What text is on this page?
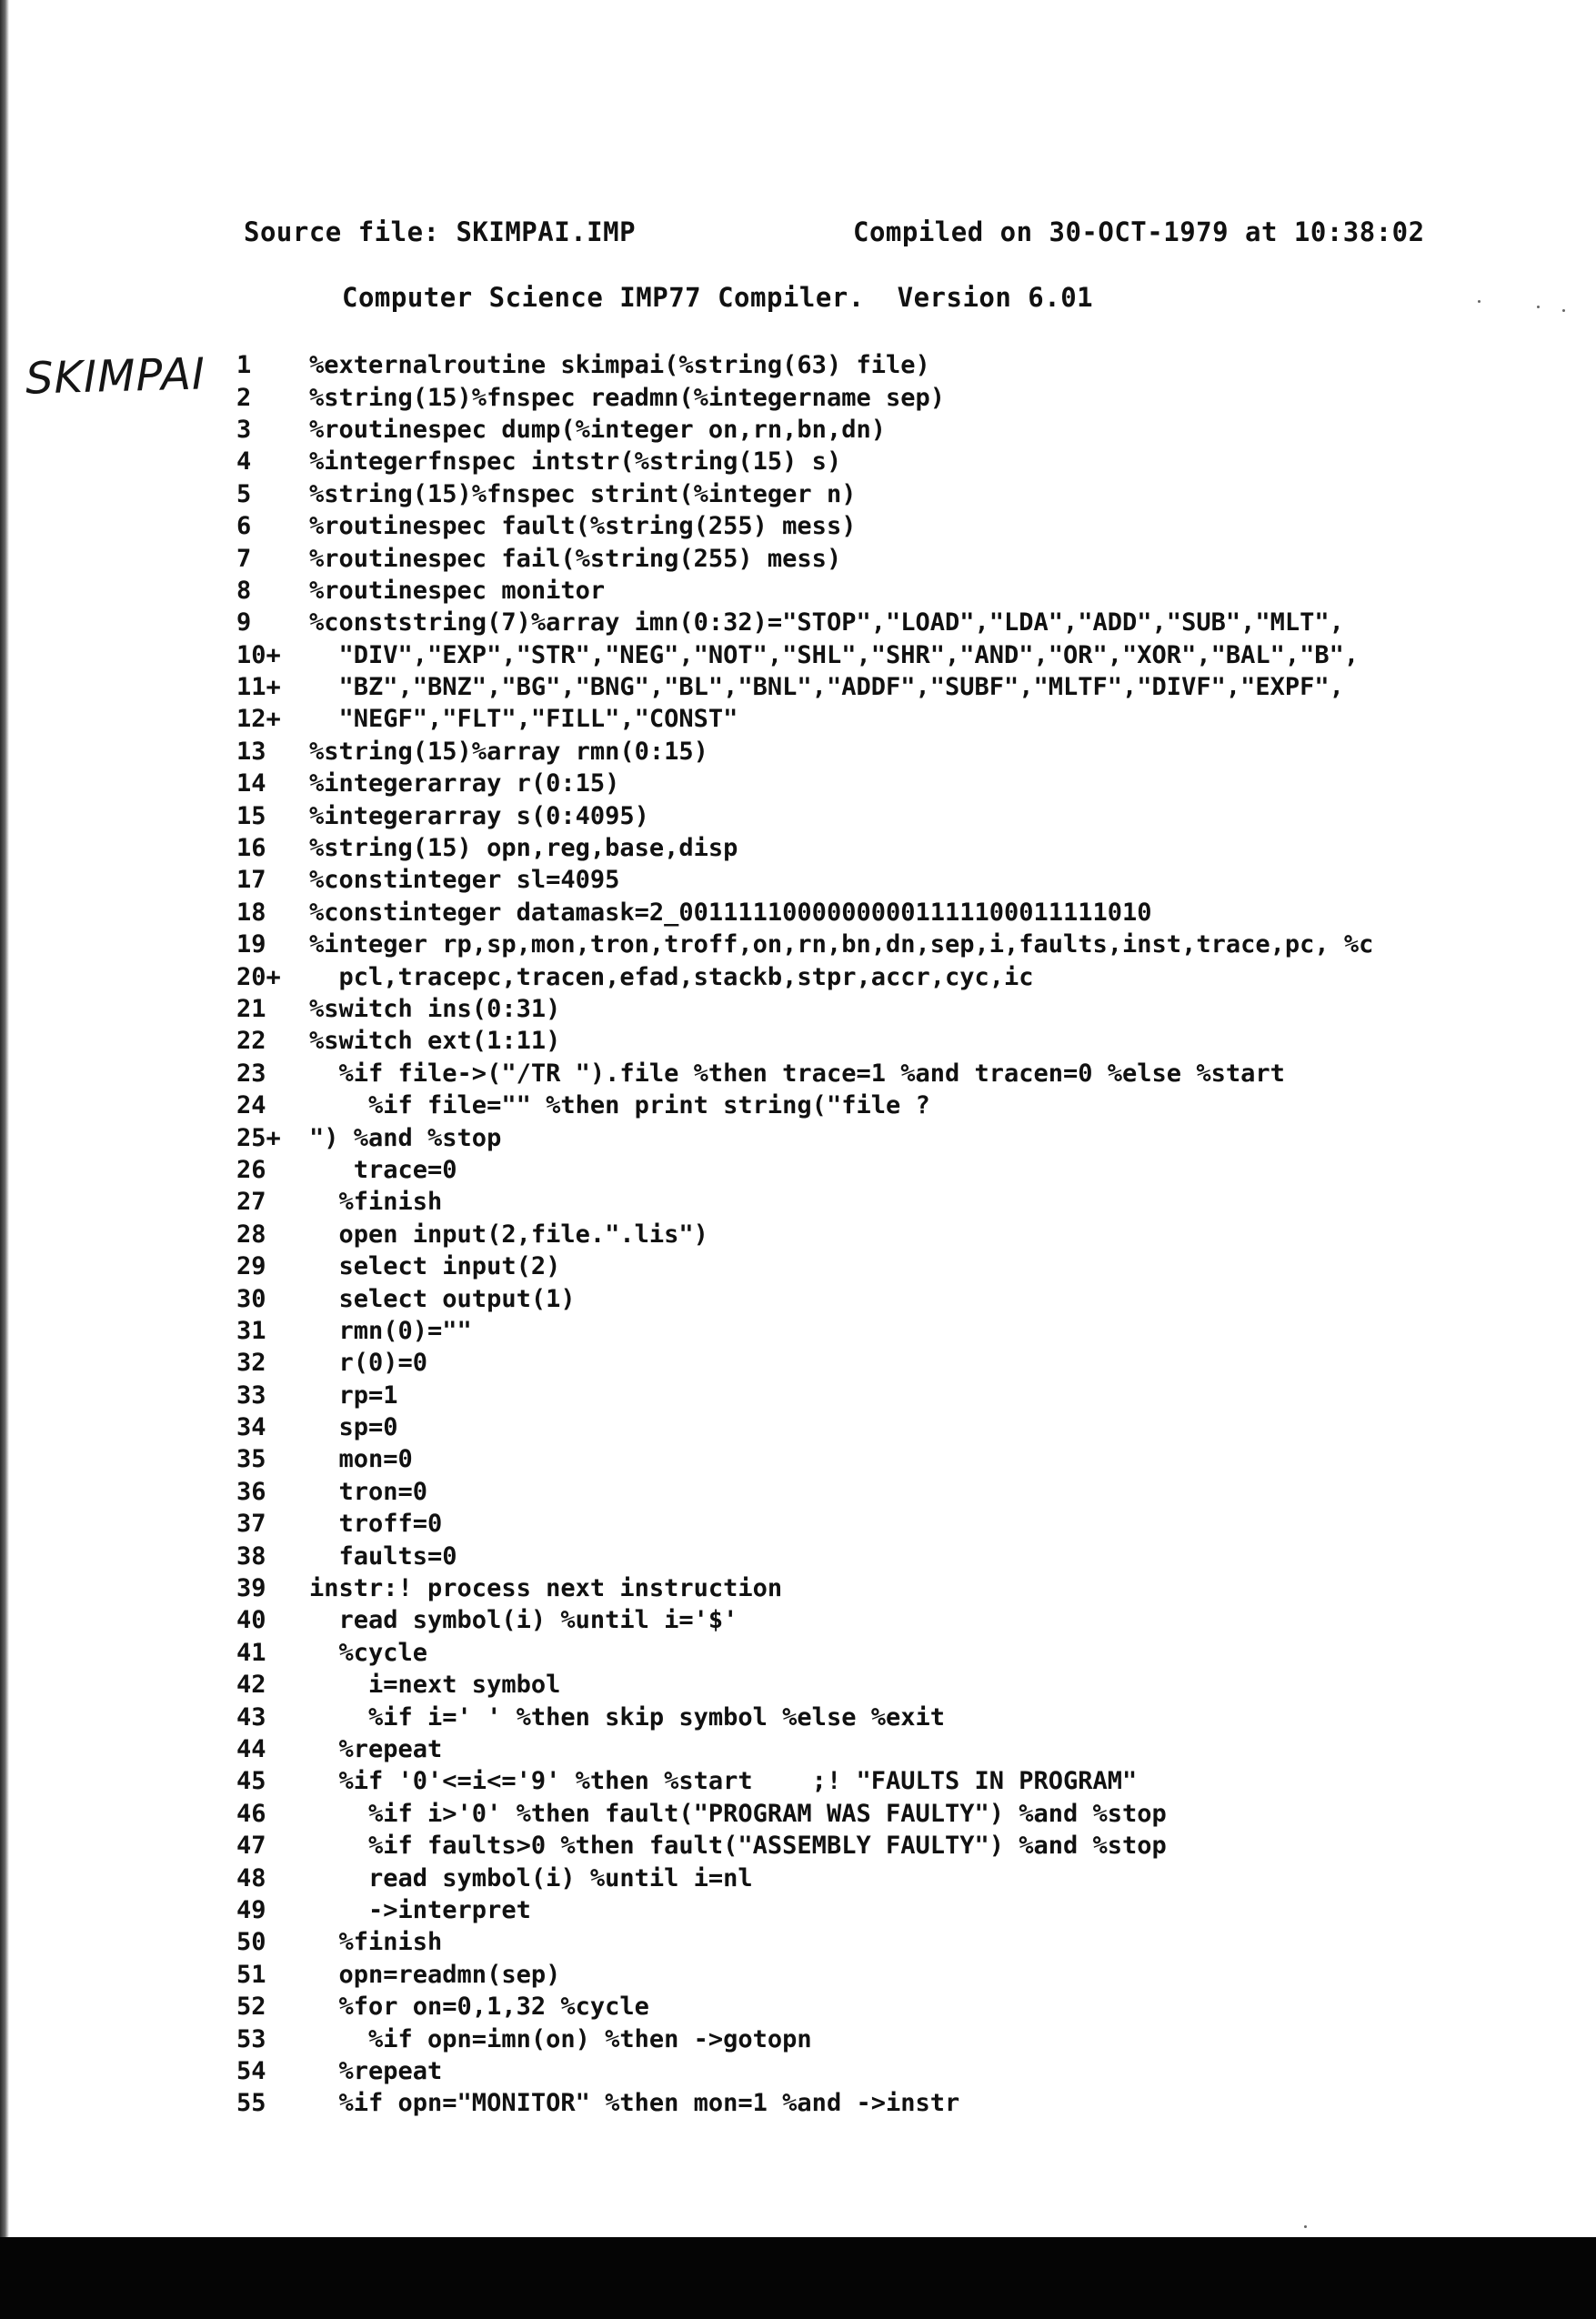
Source file: SKIMPAI.IMP	Compiled on 30-OCT-1979 at 10:38:02
Computer Science IMP77 Compiler.  Version 6.01
SKIMPAI	1	%externalroutine skimpai(%string(63) file)
2	%string(15)%fnspec readmn(%integername sep)
3	%routinespec dump(%integer on,rn,bn,dn)
4	%integerfnspec intstr(%string(15) s)
5	%string(15)%fnspec strint(%integer n)
6	%routinespec fault(%string(255) mess)
7	%routinespec fail(%string(255) mess)
8	%routinespec monitor
9	%conststring(7)%array imn(0:32)="STOP","LOAD","LDA","ADD","SUB","MLT",
10+	"DIV","EXP","STR","NEG","NOT","SHL","SHR","AND","OR","XOR","BAL","B",
11+	"BZ","BNZ","BG","BNG","BL","BNL","ADDF","SUBF","MLTF","DIVF","EXPF",
12+	"NEGF","FLT","FILL","CONST"
13	%string(15)%array rmn(0:15)
14	%integerarray r(0:15)
15	%integerarray s(0:4095)
16	%string(15) opn,reg,base,disp
17	%constinteger sl=4095
18	%constinteger datamask=2_00111110000000001111100011111010
19	%integer rp,sp,mon,tron,troff,on,rn,bn,dn,sep,i,faults,inst,trace,pc, %c
20+	pcl,tracepc,tracen,efad,stackb,stpr,accr,cyc,ic
21	%switch ins(0:31)
22	%switch ext(1:11)
23	%if file->("/TR ").file %then trace=1 %and tracen=0 %else %start
24	%if file="" %then print string("file ?
25+	") %and %stop
26	trace=0
27	%finish
28	open input(2,file.".lis")
29	select input(2)
30	select output(1)
31	rmn(0)=""
32	r(0)=0
33	rp=1
34	sp=0
35	mon=0
36	tron=0
37	troff=0
38	faults=0
39	instr:! process next instruction
40	read symbol(i) %until i='$'
41	%cycle
42	i=next symbol
43	%if i=' ' %then skip symbol %else %exit
44	%repeat
45	%if '0'<=i<='9' %then %start    ;! "FAULTS IN PROGRAM"
46	%if i>'0' %then fault("PROGRAM WAS FAULTY") %and %stop
47	%if faults>0 %then fault("ASSEMBLY FAULTY") %and %stop
48	read symbol(i) %until i=nl
49	->interpret
50	%finish
51	opn=readmn(sep)
52	%for on=0,1,32 %cycle
53	%if opn=imn(on) %then ->gotopn
54	%repeat
55	%if opn="MONITOR" %then mon=1 %and ->instr
